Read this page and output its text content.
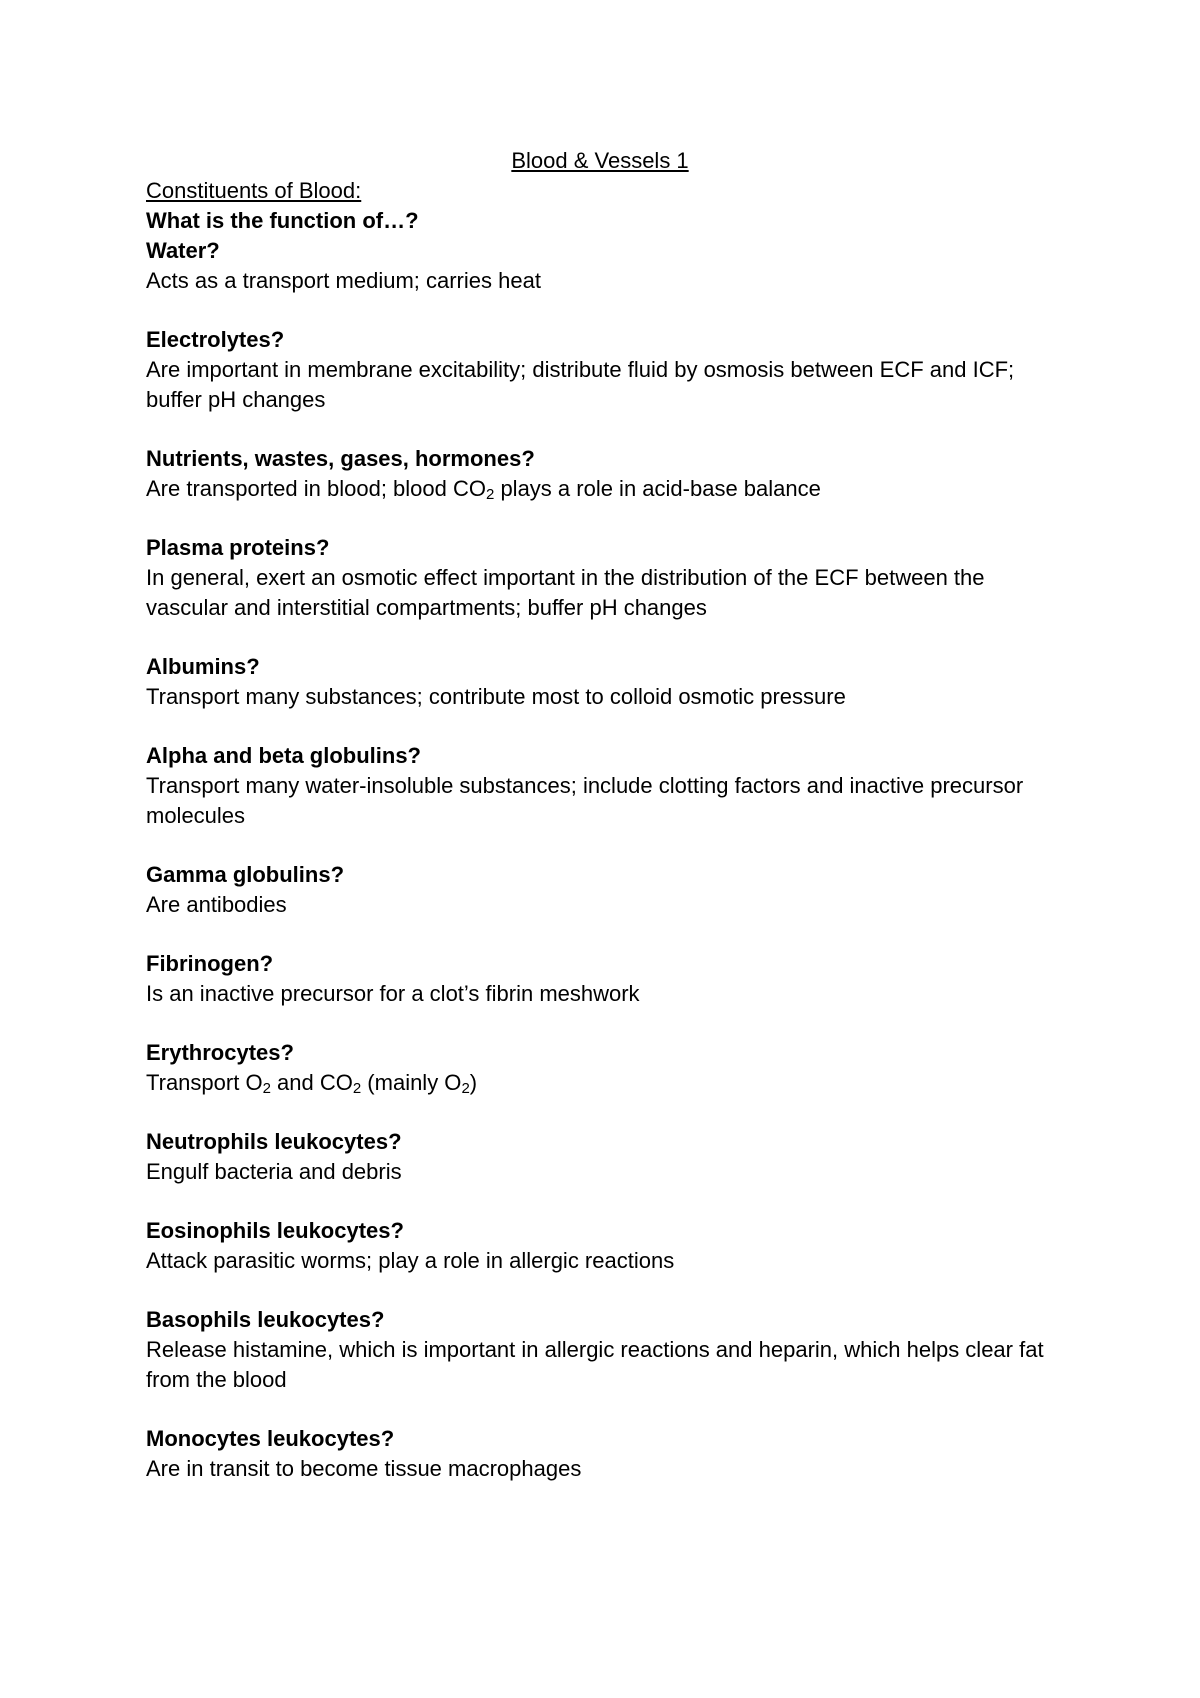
Blood & Vessels 1

Constituents of Blood:

What is the function of…?

Water?

Acts as a transport medium; carries heat

Electrolytes?

Are important in membrane excitability; distribute fluid by osmosis between ECF and ICF; buffer pH changes

Nutrients, wastes, gases, hormones?

Are transported in blood; blood $CO_2$ plays a role in acid-base balance

Plasma proteins?

In general, exert an osmotic effect important in the distribution of the ECF between the vascular and interstitial compartments; buffer pH changes

Albumins?

Transport many substances; contribute most to colloid osmotic pressure

Alpha and beta globulins?

Transport many water-insoluble substances; include clotting factors and inactive precursor molecules

Gamma globulins?

Are antibodies

Fibrinogen?

Is an inactive precursor for a clot’s fibrin meshwork

Erythrocytes?

Transport $O_2$ and $CO_2$ (mainly $O_2$)

Neutrophils leukocytes?

Engulf bacteria and debris

Eosinophils leukocytes?

Attack parasitic worms; play a role in allergic reactions

Basophils leukocytes?

Release histamine, which is important in allergic reactions and heparin, which helps clear fat from the blood

Monocytes leukocytes?

Are in transit to become tissue macrophages
